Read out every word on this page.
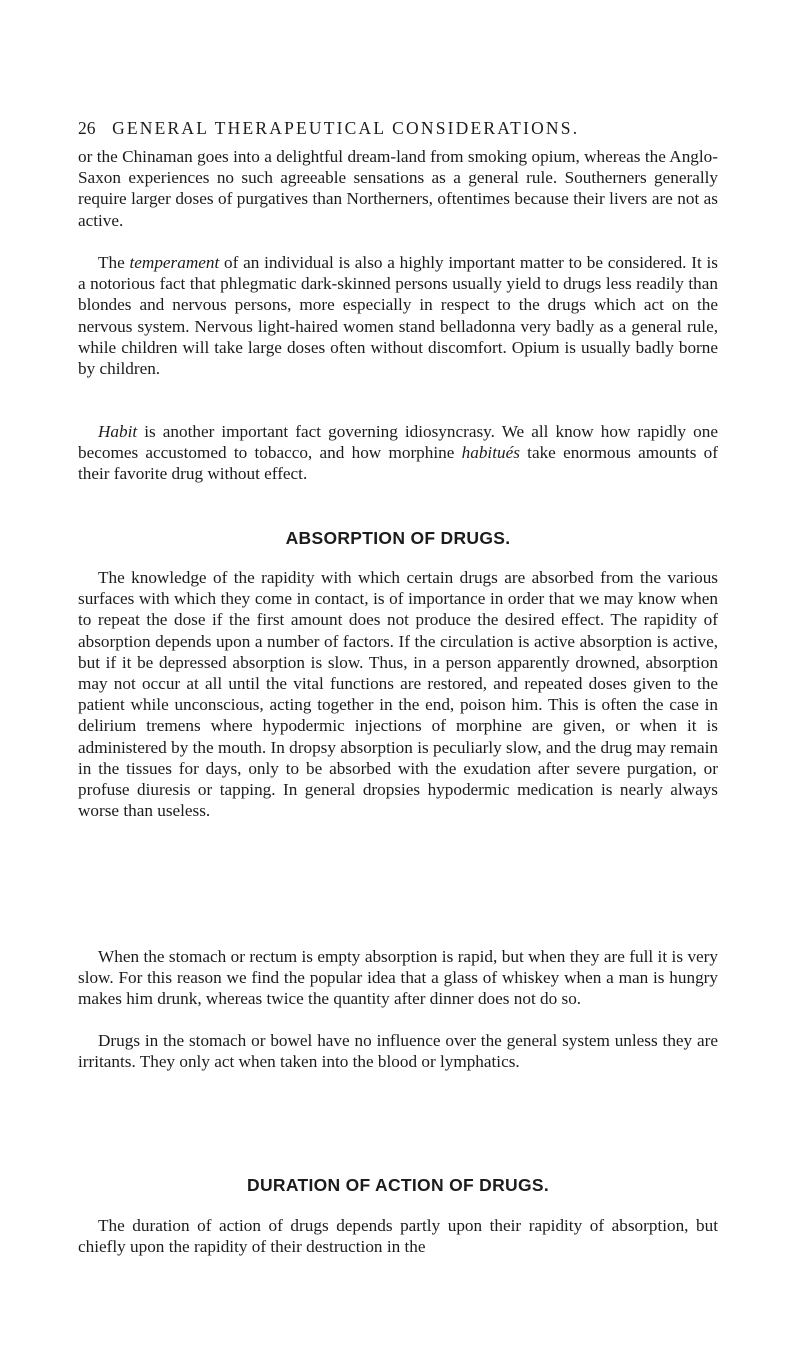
26 GENERAL THERAPEUTICAL CONSIDERATIONS.

or the Chinaman goes into a delightful dream-land from smoking opium, whereas the Anglo-Saxon experiences no such agreeable sensations as a general rule. Southerners generally require larger doses of purgatives than Northerners, oftentimes because their livers are not as active.

The temperament of an individual is also a highly important matter to be considered. It is a notorious fact that phlegmatic dark-skinned persons usually yield to drugs less readily than blondes and nervous persons, more especially in respect to the drugs which act on the nervous system. Nervous light-haired women stand belladonna very badly as a general rule, while children will take large doses often without discomfort. Opium is usually badly borne by children.

Habit is another important fact governing idiosyncrasy. We all know how rapidly one becomes accustomed to tobacco, and how morphine habitués take enormous amounts of their favorite drug without effect.

ABSORPTION OF DRUGS.

The knowledge of the rapidity with which certain drugs are absorbed from the various surfaces with which they come in contact, is of importance in order that we may know when to repeat the dose if the first amount does not produce the desired effect. The rapidity of absorption depends upon a number of factors. If the circulation is active absorption is active, but if it be depressed absorption is slow. Thus, in a person apparently drowned, absorption may not occur at all until the vital functions are restored, and repeated doses given to the patient while unconscious, acting together in the end, poison him. This is often the case in delirium tremens where hypodermic injections of morphine are given, or when it is administered by the mouth. In dropsy absorption is peculiarly slow, and the drug may remain in the tissues for days, only to be absorbed with the exudation after severe purgation, or profuse diuresis or tapping. In general dropsies hypodermic medication is nearly always worse than useless.

When the stomach or rectum is empty absorption is rapid, but when they are full it is very slow. For this reason we find the popular idea that a glass of whiskey when a man is hungry makes him drunk, whereas twice the quantity after dinner does not do so.

Drugs in the stomach or bowel have no influence over the general system unless they are irritants. They only act when taken into the blood or lymphatics.

DURATION OF ACTION OF DRUGS.

The duration of action of drugs depends partly upon their rapidity of absorption, but chiefly upon the rapidity of their destruction in the
